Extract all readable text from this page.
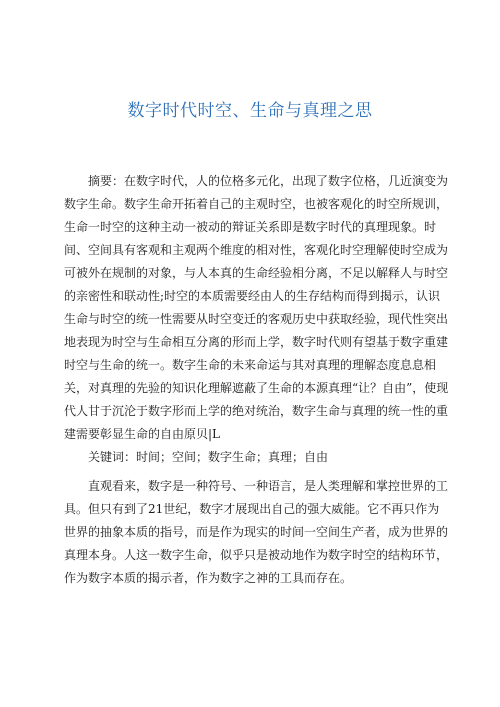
数字时代时空、生命与真理之思

摘要：在数字时代，人的位格多元化，出现了数字位格，几近演变为数字生命。数字生命开拓着自己的主观时空，也被客观化的时空所规训，生命一时空的这种主动一被动的辩证关系即是数字时代的真理现象。时间、空间具有客观和主观两个维度的相对性，客观化时空理解使时空成为可被外在规制的对象，与人本真的生命经验相分离，不足以解释人与时空的亲密性和联动性;时空的本质需要经由人的生存结构而得到揭示，认识生命与时空的统一性需要从时空变迁的客观历史中获取经验，现代性突出地表现为时空与生命相互分离的形而上学，数字时代则有望基于数字重建时空与生命的统一。数字生命的未来命运与其对真理的理解态度息息相关，对真理的先验的知识化理解遮蔽了生命的本源真理“让？自由”，使现代人甘于沉沦于数字形而上学的绝对统治，数字生命与真理的统一性的重建需要彰显生命的自由原贝|L

关键词：时间；空间；数字生命；真理；自由

直观看来，数字是一种符号、一种语言，是人类理解和掌控世界的工具。但只有到了21世纪，数字才展现出自己的强大威能。它不再只作为世界的抽象本质的指号，而是作为现实的时间一空间生产者，成为世界的真理本身。人这一数字生命，似乎只是被动地作为数字时空的结构环节，作为数字本质的揭示者，作为数字之神的工具而存在。
